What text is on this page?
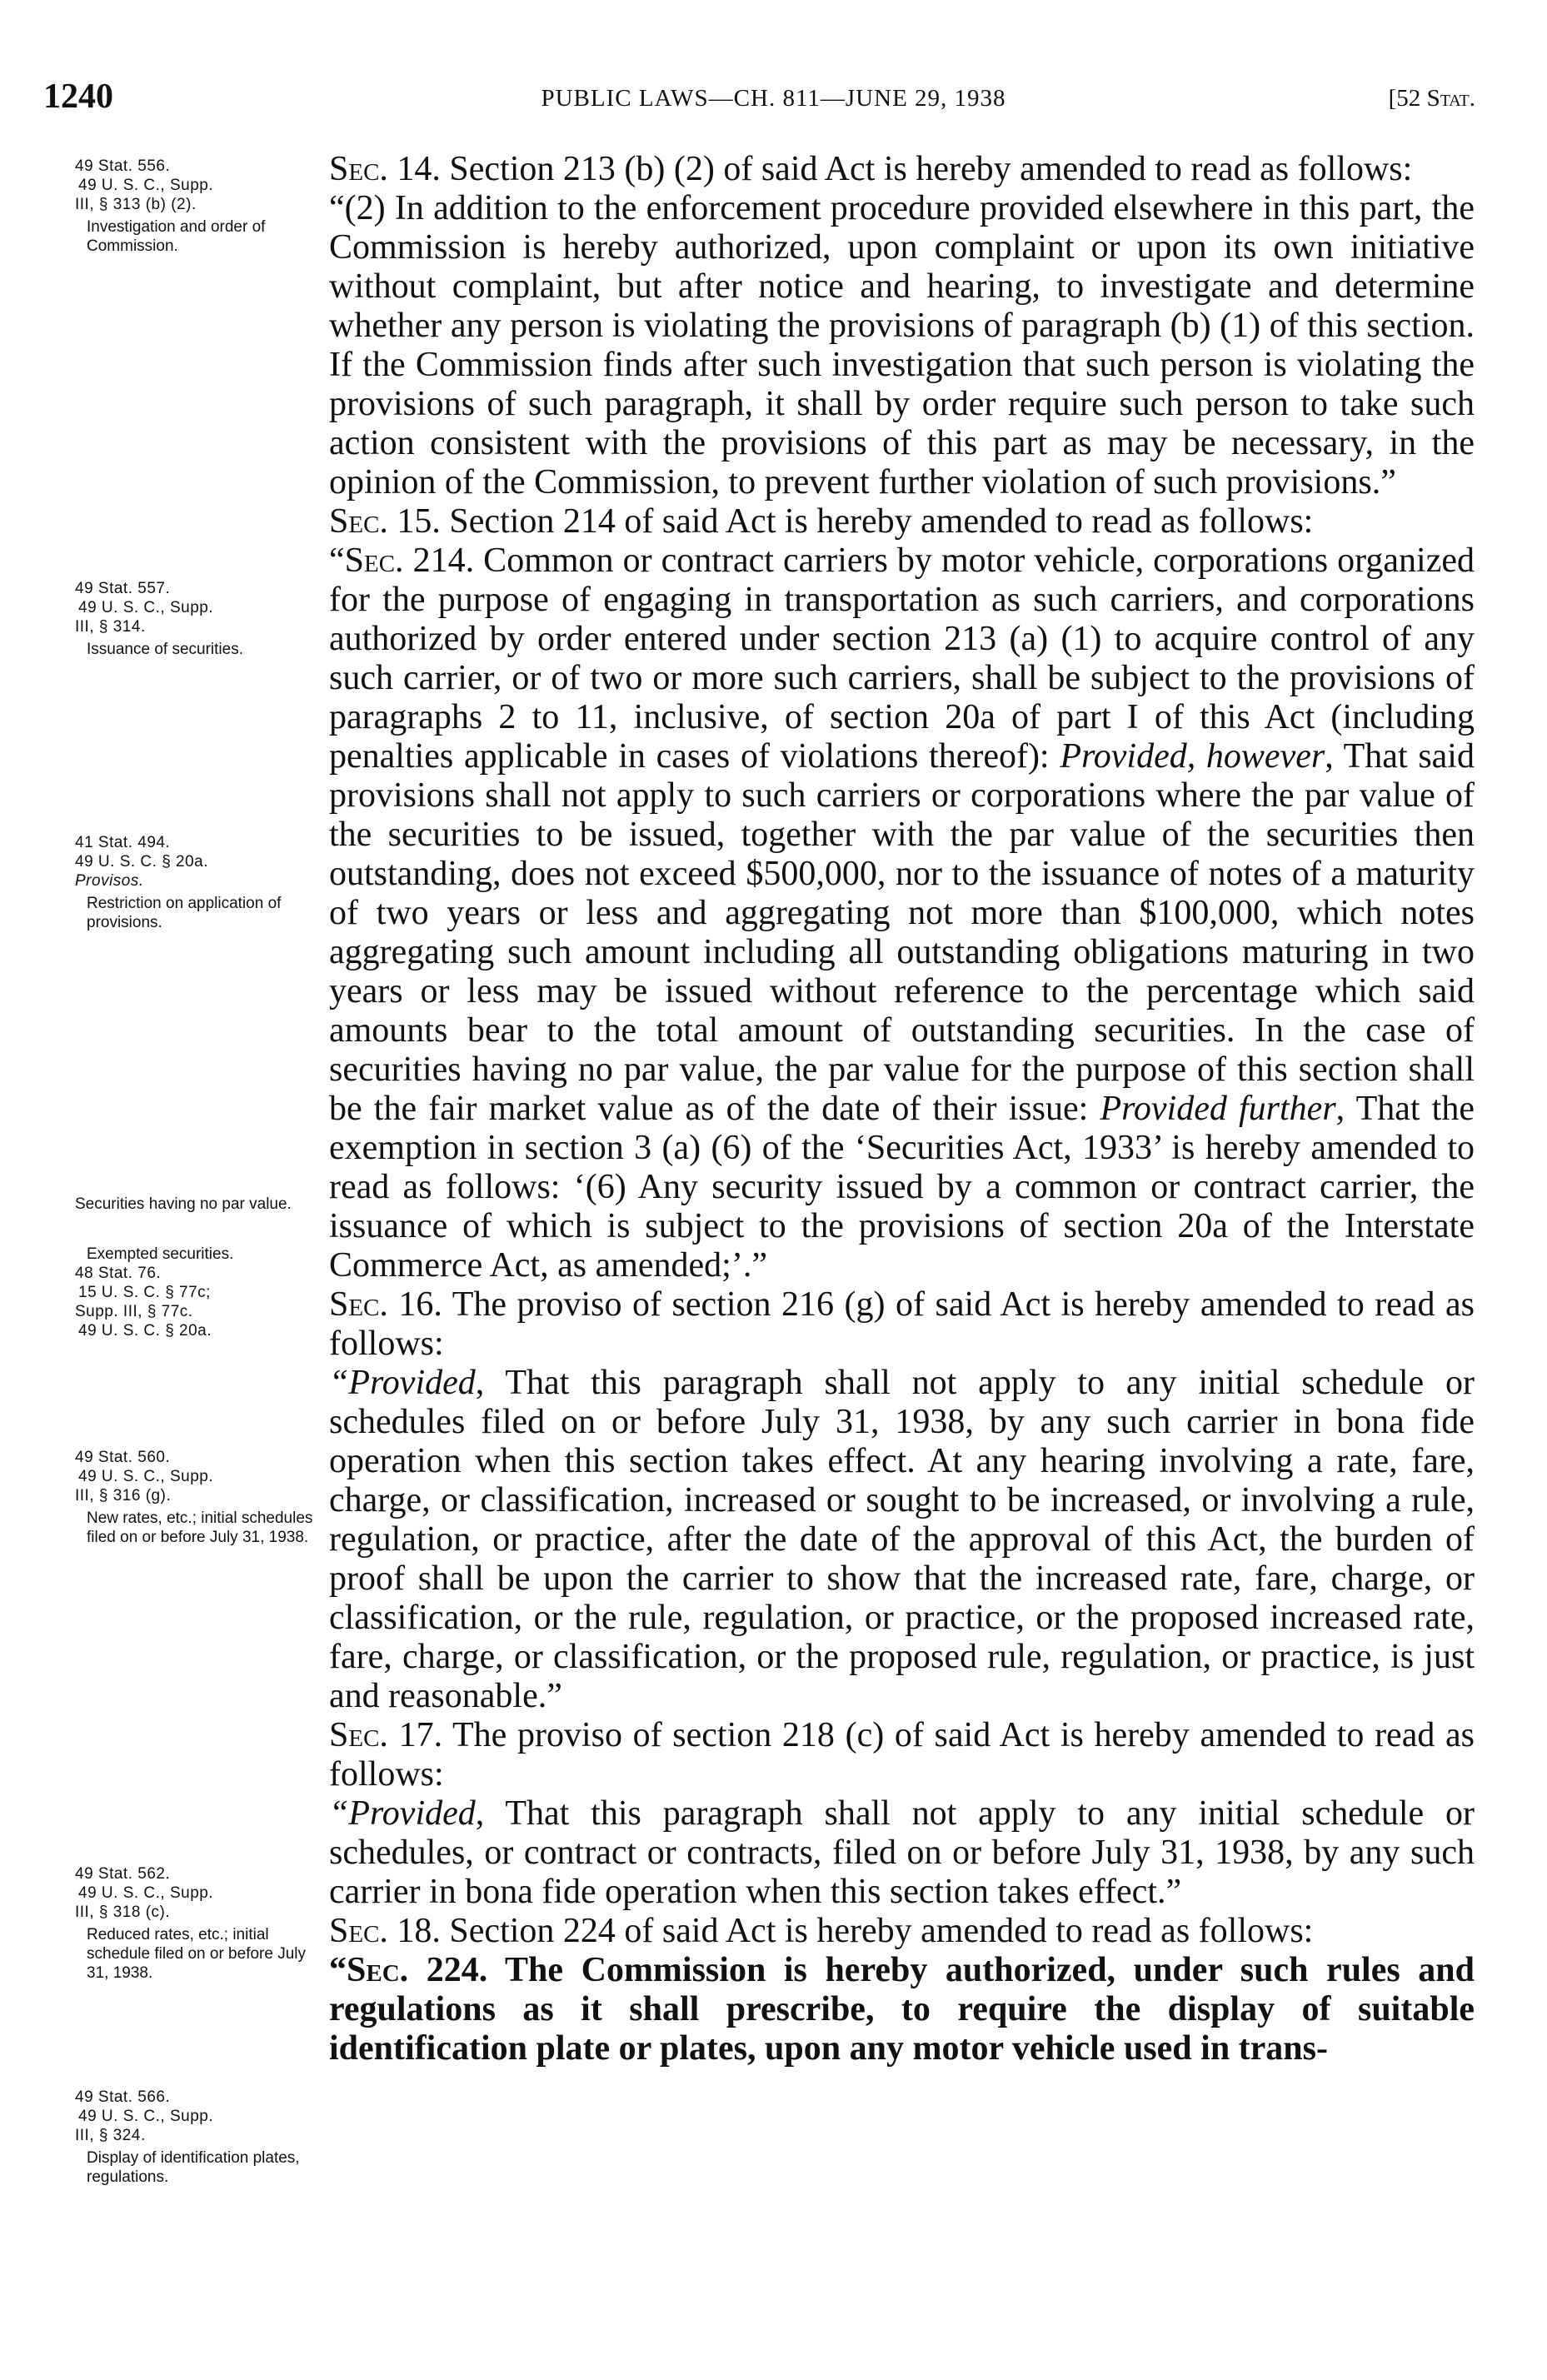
1240	PUBLIC LAWS—CH. 811—JUNE 29, 1938	[52 Stat.

49 Stat. 556.

49 U. S. C., Supp.

III, § 313 (b) (2).

Investigation and order of Commission.

49 Stat. 557.

49 U. S. C., Supp.

III, § 314.

Issuance of securities.

41 Stat. 494.

49 U. S. C. § 20a.

Provisos.

Restriction on application of provisions.

Securities having no par value.

Exempted securities.

48 Stat. 76.

15 U. S. C. § 77c;

Supp. III, § 77c.

49 U. S. C. § 20a.

49 Stat. 560.

49 U. S. C., Supp.

III, § 316 (g).

New rates, etc.; initial schedules filed on or before July 31, 1938.

49 Stat. 562.

49 U. S. C., Supp.

III, § 318 (c).

Reduced rates, etc.; initial schedule filed on or before July 31, 1938.

49 Stat. 566.

49 U. S. C., Supp.

III, § 324.

Display of identification plates, regulations.

Sec. 14. Section 213 (b) (2) of said Act is hereby amended to read as follows:

“(2) In addition to the enforcement procedure provided elsewhere in this part, the Commission is hereby authorized, upon complaint or upon its own initiative without complaint, but after notice and hearing, to investigate and determine whether any person is violating the provisions of paragraph (b) (1) of this section. If the Commission finds after such investigation that such person is violating the provisions of such paragraph, it shall by order require such person to take such action consistent with the provisions of this part as may be necessary, in the opinion of the Commission, to prevent further violation of such provisions.”

Sec. 15. Section 214 of said Act is hereby amended to read as follows:

“Sec. 214. Common or contract carriers by motor vehicle, corporations organized for the purpose of engaging in transportation as such carriers, and corporations authorized by order entered under section 213 (a) (1) to acquire control of any such carrier, or of two or more such carriers, shall be subject to the provisions of paragraphs 2 to 11, inclusive, of section 20a of part I of this Act (including penalties applicable in cases of violations thereof): Provided, however, That said provisions shall not apply to such carriers or corporations where the par value of the securities to be issued, together with the par value of the securities then outstanding, does not exceed $500,000, nor to the issuance of notes of a maturity of two years or less and aggregating not more than $100,000, which notes aggregating such amount including all outstanding obligations maturing in two years or less may be issued without reference to the percentage which said amounts bear to the total amount of outstanding securities. In the case of securities having no par value, the par value for the purpose of this section shall be the fair market value as of the date of their issue: Provided further, That the exemption in section 3 (a) (6) of the ‘Securities Act, 1933’ is hereby amended to read as follows: ‘(6) Any security issued by a common or contract carrier, the issuance of which is subject to the provisions of section 20a of the Interstate Commerce Act, as amended;’.”

Sec. 16. The proviso of section 216 (g) of said Act is hereby amended to read as follows:

“Provided, That this paragraph shall not apply to any initial schedule or schedules filed on or before July 31, 1938, by any such carrier in bona fide operation when this section takes effect. At any hearing involving a rate, fare, charge, or classification, increased or sought to be increased, or involving a rule, regulation, or practice, after the date of the approval of this Act, the burden of proof shall be upon the carrier to show that the increased rate, fare, charge, or classification, or the rule, regulation, or practice, or the proposed increased rate, fare, charge, or classification, or the proposed rule, regulation, or practice, is just and reasonable.”

Sec. 17. The proviso of section 218 (c) of said Act is hereby amended to read as follows:

“Provided, That this paragraph shall not apply to any initial schedule or schedules, or contract or contracts, filed on or before July 31, 1938, by any such carrier in bona fide operation when this section takes effect.”

Sec. 18. Section 224 of said Act is hereby amended to read as follows:

“Sec. 224. The Commission is hereby authorized, under such rules and regulations as it shall prescribe, to require the display of suitable identification plate or plates, upon any motor vehicle used in trans-
